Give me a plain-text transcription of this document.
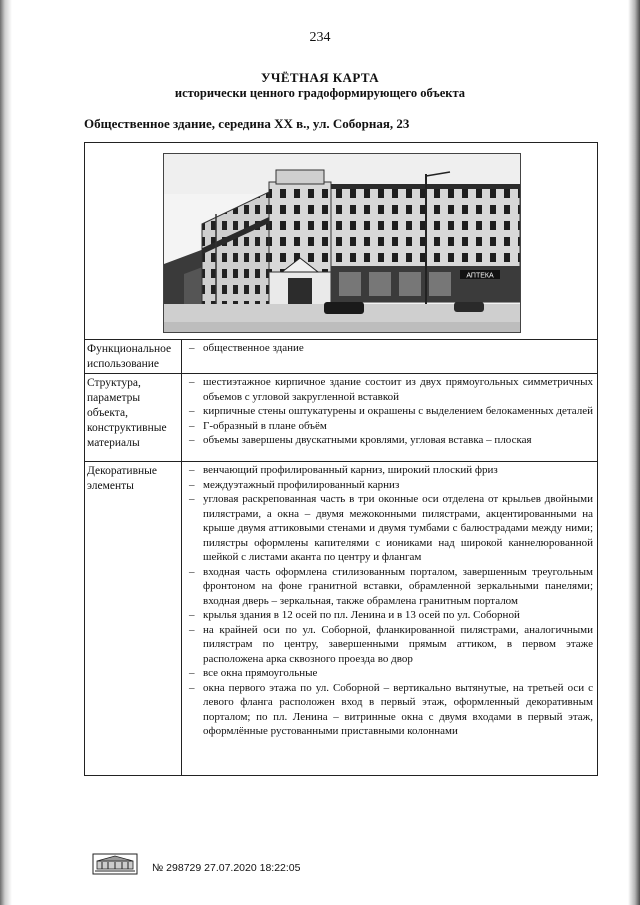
234
УЧЁТНАЯ КАРТА
исторически ценного градоформирующего объекта
Общественное здание, середина XX в., ул. Соборная, 23
АПТЕКА
Функциональное использование
– общественное здание
Структура, параметры объекта, конструктивные материалы
– шестиэтажное кирпичное здание состоит из двух прямоугольных симметричных объемов с угловой закругленной вставкой
– кирпичные стены оштукатурены и окрашены с выделением белокаменных деталей
– Г-образный в плане объём
– объемы завершены двускатными кровлями, угловая вставка – плоская
Декоративные элементы
– венчающий профилированный карниз, широкий плоский фриз
– междуэтажный профилированный карниз
– угловая раскрепованная часть в три оконные оси отделена от крыльев двойными пилястрами, а окна – двумя межоконными пилястрами, акцентированными на крыше двумя аттиковыми стенами и двумя тумбами с балюстрадами между ними; пилястры оформлены капителями с иониками над широкой каннелюрованной шейкой с листами аканта по центру и флангам
– входная часть оформлена стилизованным порталом, завершенным треугольным фронтоном на фоне гранитной вставки, обрамленной зеркальными панелями; входная дверь – зеркальная, также обрамлена гранитным порталом
– крылья здания в 12 осей по пл. Ленина и в 13 осей по ул. Соборной
– на крайней оси по ул. Соборной, фланкированной пилястрами, аналогичными пилястрам по центру, завершенными прямым аттиком, в первом этаже расположена арка сквозного проезда во двор
– все окна прямоугольные
– окна первого этажа по ул. Соборной – вертикально вытянутые, на третьей оси с левого фланга расположен вход в первый этаж, оформленный декоративным порталом; по пл. Ленина – витринные окна с двумя входами в первый этаж, оформлённые рустованными приставными колоннами
№ 298729 27.07.2020 18:22:05
